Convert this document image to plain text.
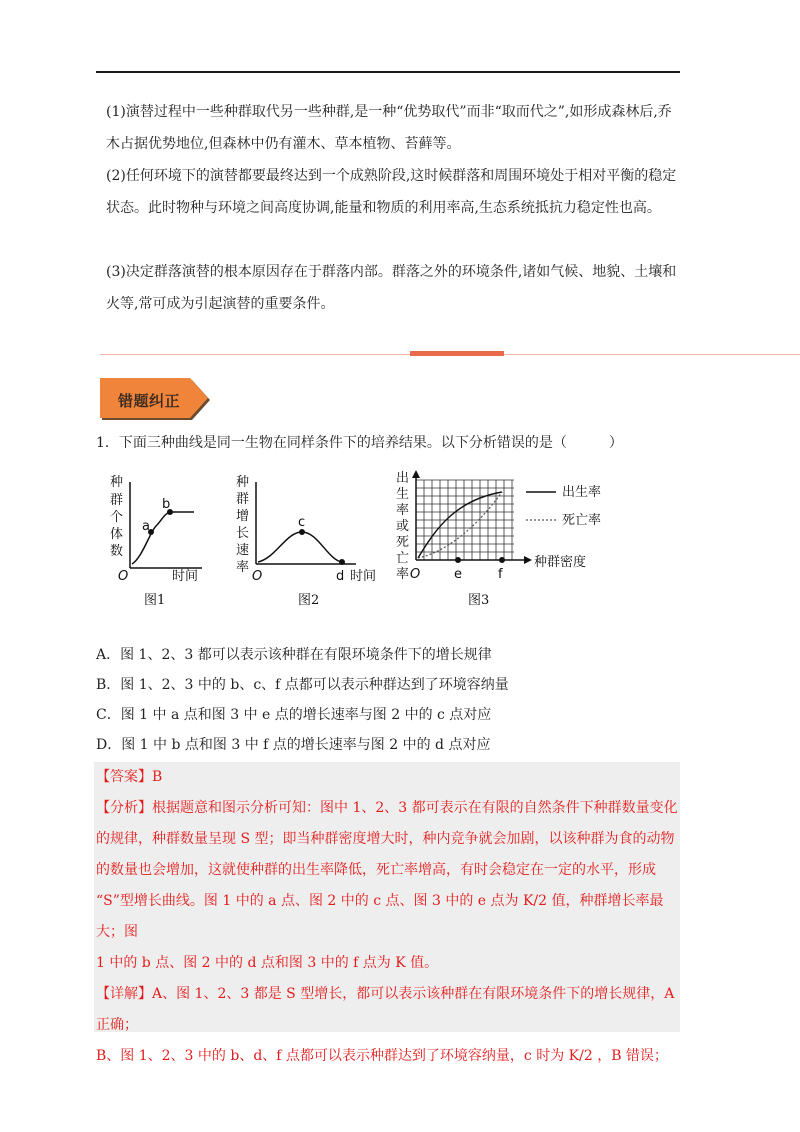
(1)演替过程中一些种群取代另一些种群,是一种“优势取代”而非“取而代之”,如形成森林后,乔木占据优势地位,但森林中仍有灌木、草本植物、苔藓等。

(2)任何环境下的演替都要最终达到一个成熟阶段,这时候群落和周围环境处于相对平衡的稳定状态。此时物种与环境之间高度协调,能量和物质的利用率高,生态系统抵抗力稳定性也高。

(3)决定群落演替的根本原因存在于群落内部。群落之外的环境条件,诸如气候、地貌、土壤和火等,常可成为引起演替的重要条件。

错题纠正
1．下面三种曲线是同一生物在同样条件下的培养结果。以下分析错误的是（　　　）
a
b
种
群
个
体
数
O	时间
图1
c
d
种
群
增
长
速
率
O	时间
图2
e	f
出
生
率
或
死
亡
率 O
种群密度
出生率
死亡率
图3
A．图 1、2、3 都可以表示该种群在有限环境条件下的增长规律
B．图 1、2、3 中的 b、c、f 点都可以表示种群达到了环境容纳量
C．图 1 中 a 点和图 3 中 e 点的增长速率与图 2 中的 c 点对应
D．图 1 中 b 点和图 3 中 f 点的增长速率与图 2 中的 d 点对应

【答案】B

【分析】根据题意和图示分析可知：图中 1、2、3 都可表示在有限的自然条件下种群数量变化

的规律，种群数量呈现 S 型；即当种群密度增大时，种内竞争就会加剧，以该种群为食的动物

的数量也会增加，这就使种群的出生率降低，死亡率增高，有时会稳定在一定的水平，形成

“S”型增长曲线。图 1 中的 a 点、图 2 中的 c 点、图 3 中的 e 点为 K/2 值，种群增长率最大；图

1 中的 b 点、图 2 中的 d 点和图 3 中的 f 点为 K 值。

【详解】A、图 1、2、3 都是 S 型增长，都可以表示该种群在有限环境条件下的增长规律，A

正确；

B、图 1、2、3 中的 b、d、f 点都可以表示种群达到了环境容纳量，c 时为 K/2 ，B 错误；
